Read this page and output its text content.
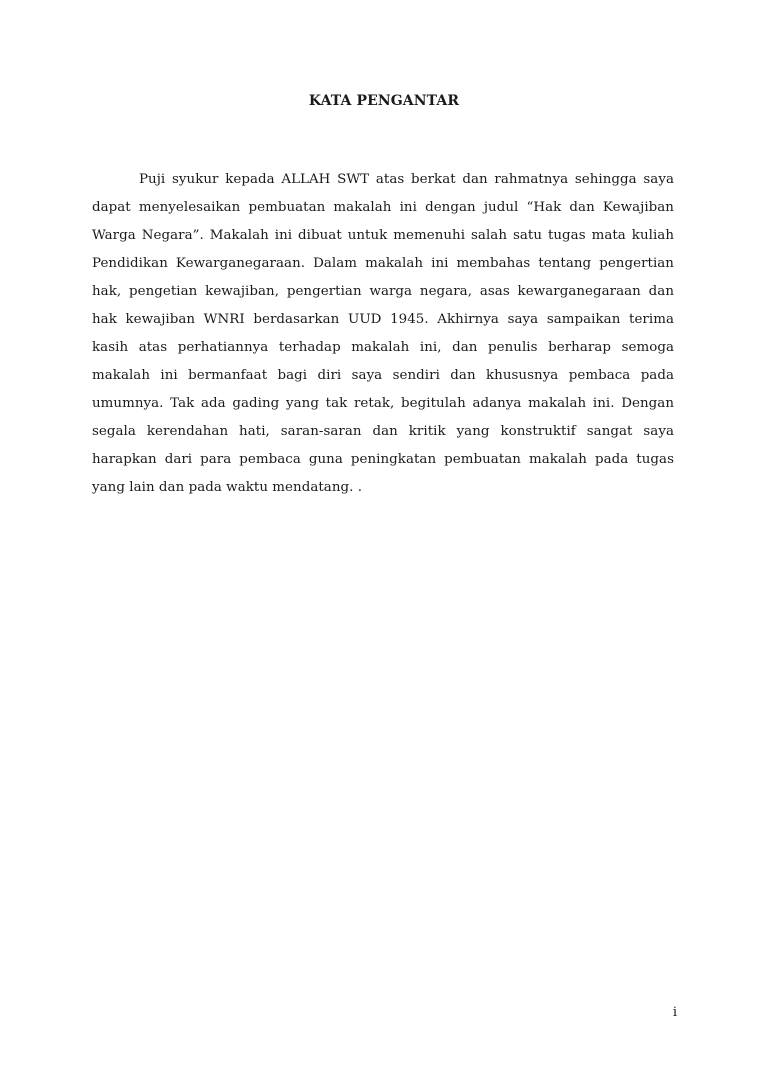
KATA PENGANTAR

Puji syukur kepada ALLAH SWT atas berkat dan rahmatnya sehingga saya dapat menyelesaikan pembuatan makalah ini dengan judul “Hak dan Kewajiban Warga Negara”. Makalah ini dibuat untuk memenuhi salah satu tugas mata kuliah Pendidikan Kewarganegaraan. Dalam makalah ini membahas tentang pengertian hak, pengetian kewajiban, pengertian warga negara, asas kewarganegaraan dan hak kewajiban WNRI berdasarkan UUD 1945. Akhirnya saya sampaikan terima kasih atas perhatiannya terhadap makalah ini, dan penulis berharap semoga makalah ini bermanfaat bagi diri saya sendiri dan khususnya pembaca pada umumnya. Tak ada gading yang tak retak, begitulah adanya makalah ini. Dengan segala kerendahan hati, saran-saran dan kritik yang konstruktif sangat saya harapkan dari para pembaca guna peningkatan pembuatan makalah pada tugas yang lain dan pada waktu mendatang. .

i
